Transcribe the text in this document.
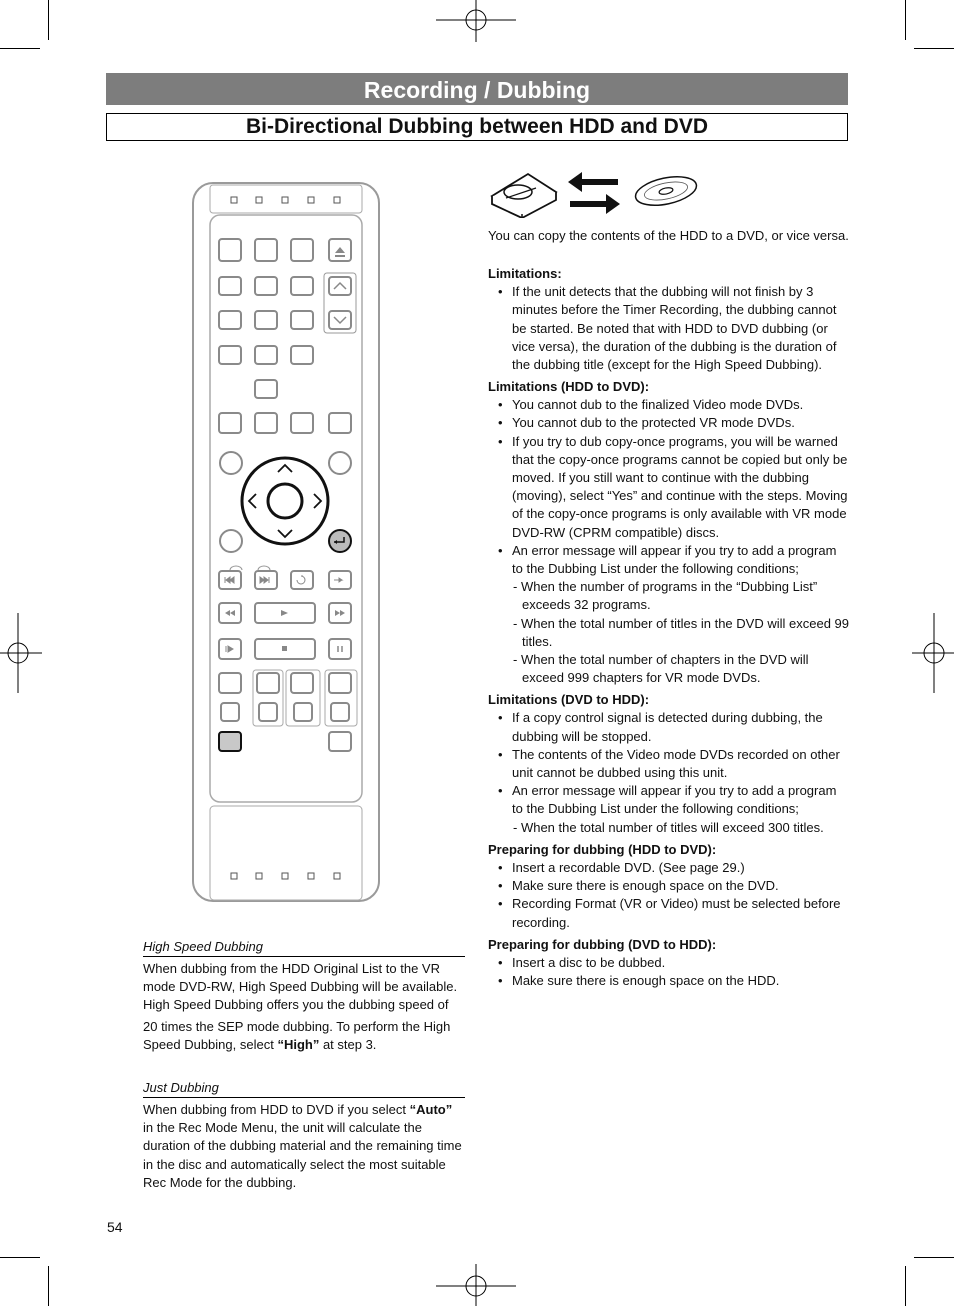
Recording / Dubbing
Bi-Directional Dubbing between HDD and DVD
High Speed Dubbing
When dubbing from the HDD Original List to the VR mode DVD-RW, High Speed Dubbing will be available. High Speed Dubbing offers you the dubbing speed of
20 times the SEP mode dubbing. To perform the High Speed Dubbing, select “High” at step 3.
Just Dubbing
When dubbing from HDD to DVD if you select “Auto” in the Rec Mode Menu, the unit will calculate the duration of the dubbing material and the remaining time in the disc and automatically select the most suitable Rec Mode for the dubbing.
54
You can copy the contents of the HDD to a DVD, or vice versa.
Limitations:
• If the unit detects that the dubbing will not finish by 3 minutes before the Timer Recording, the dubbing cannot be started. Be noted that with HDD to DVD dubbing (or vice versa), the duration of the dubbing is the duration of the dubbing title (except for the High Speed Dubbing).
Limitations (HDD to DVD):
• You cannot dub to the finalized Video mode DVDs.
• You cannot dub to the protected VR mode DVDs.
• If you try to dub copy-once programs, you will be warned that the copy-once programs cannot be copied but only be moved. If you still want to continue with the dubbing (moving), select “Yes” and continue with the steps. Moving of the copy-once programs is only available with VR mode DVD-RW (CPRM compatible) discs.
• An error message will appear if you try to add a program to the Dubbing List under the following conditions;
- When the number of programs in the “Dubbing List” exceeds 32 programs.
- When the total number of titles in the DVD will exceed 99 titles.
- When the total number of chapters in the DVD will exceed 999 chapters for VR mode DVDs.
Limitations (DVD to HDD):
• If a copy control signal is detected during dubbing, the dubbing will be stopped.
• The contents of the Video mode DVDs recorded on other unit cannot be dubbed using this unit.
• An error message will appear if you try to add a program to the Dubbing List under the following conditions;
- When the total number of titles will exceed 300 titles.
Preparing for dubbing (HDD to DVD):
• Insert a recordable DVD. (See page 29.)
• Make sure there is enough space on the DVD.
• Recording Format (VR or Video) must be selected before recording.
Preparing for dubbing (DVD to HDD):
• Insert a disc to be dubbed.
• Make sure there is enough space on the HDD.
